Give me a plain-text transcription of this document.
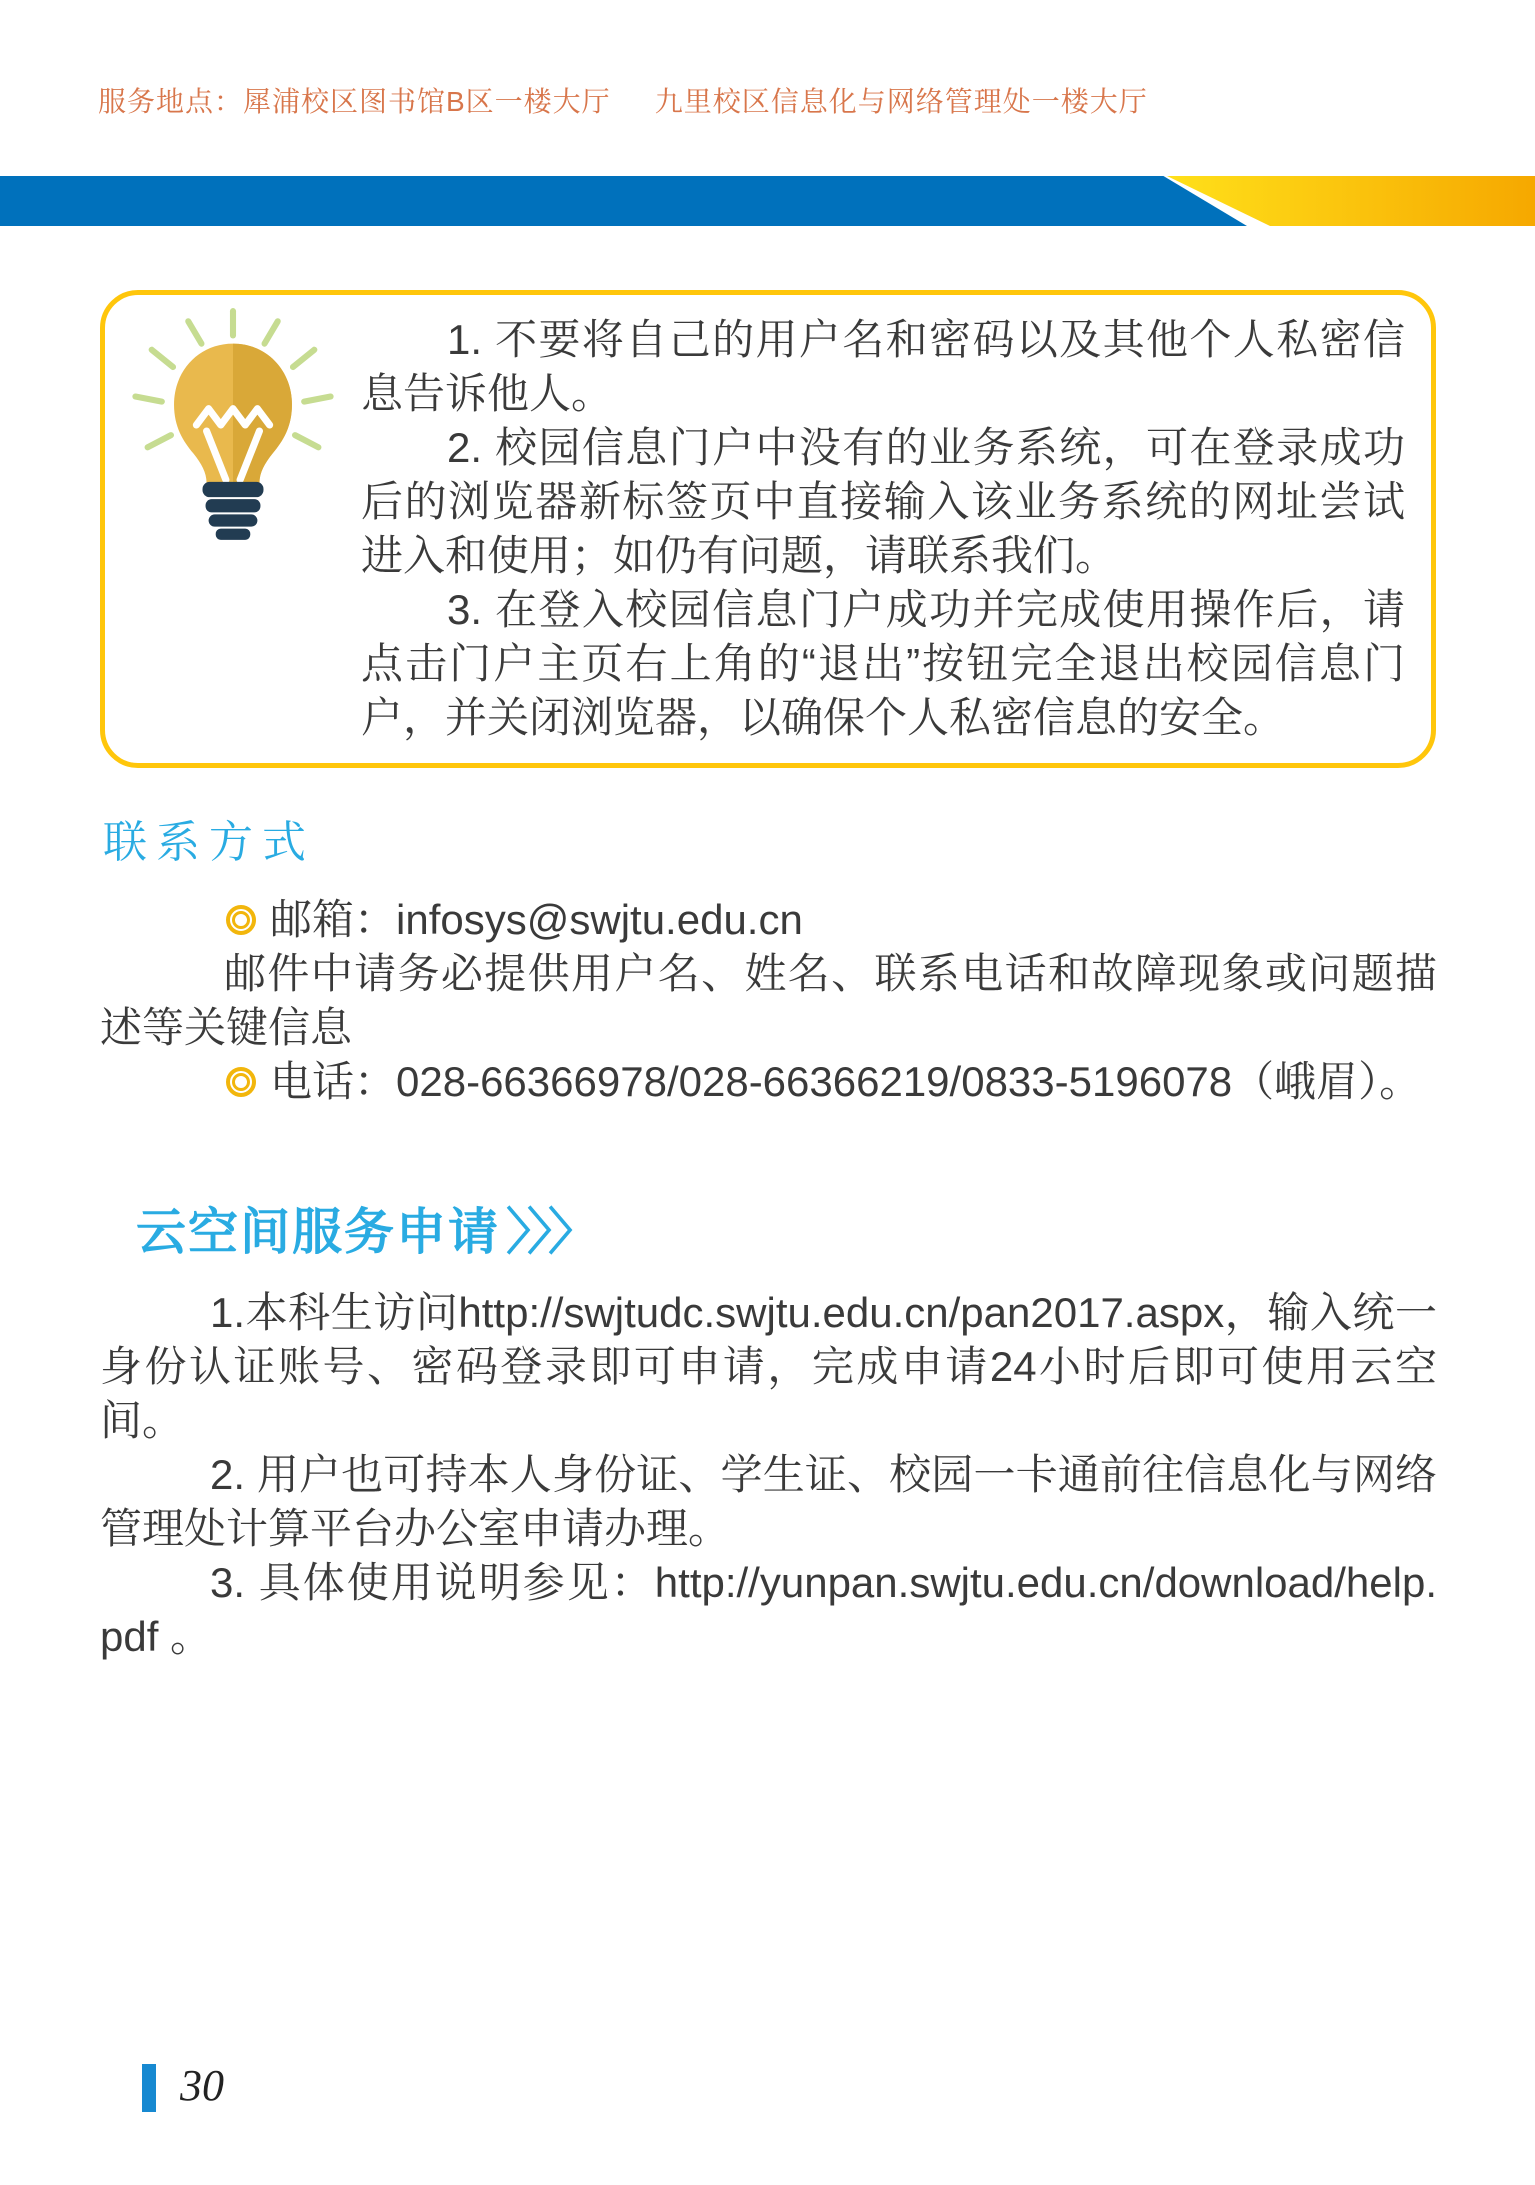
服务地点：犀浦校区图书馆B区一楼大厅 九里校区信息化与网络管理处一楼大厅

1. 不要将自己的用户名和密码以及其他个人私密信息告诉他人。

2. 校园信息门户中没有的业务系统，可在登录成功后的浏览器新标签页中直接输入该业务系统的网址尝试进入和使用；如仍有问题，请联系我们。

3. 在登入校园信息门户成功并完成使用操作后，请点击门户主页右上角的“退出”按钮完全退出校园信息门户，并关闭浏览器，以确保个人私密信息的安全。

联系方式
邮箱： infosys@swjtu.edu.cn

邮件中请务必提供用户名、姓名、联系电话和故障现象或问题描述等关键信息

电话： 028-66366978/028-66366219/0833-5196078（峨眉）。
云空间服务申请 〉〉〉

1.本科生访问http://swjtudc.swjtu.edu.cn/pan2017.aspx，输入统一身份认证账号、密码登录即可申请，完成申请24小时后即可使用云空间。

2. 用户也可持本人身份证、学生证、校园一卡通前往信息化与网络管理处计算平台办公室申请办理。

3. 具体使用说明参见：http://yunpan.swjtu.edu.cn/download/help.pdf 。

30
